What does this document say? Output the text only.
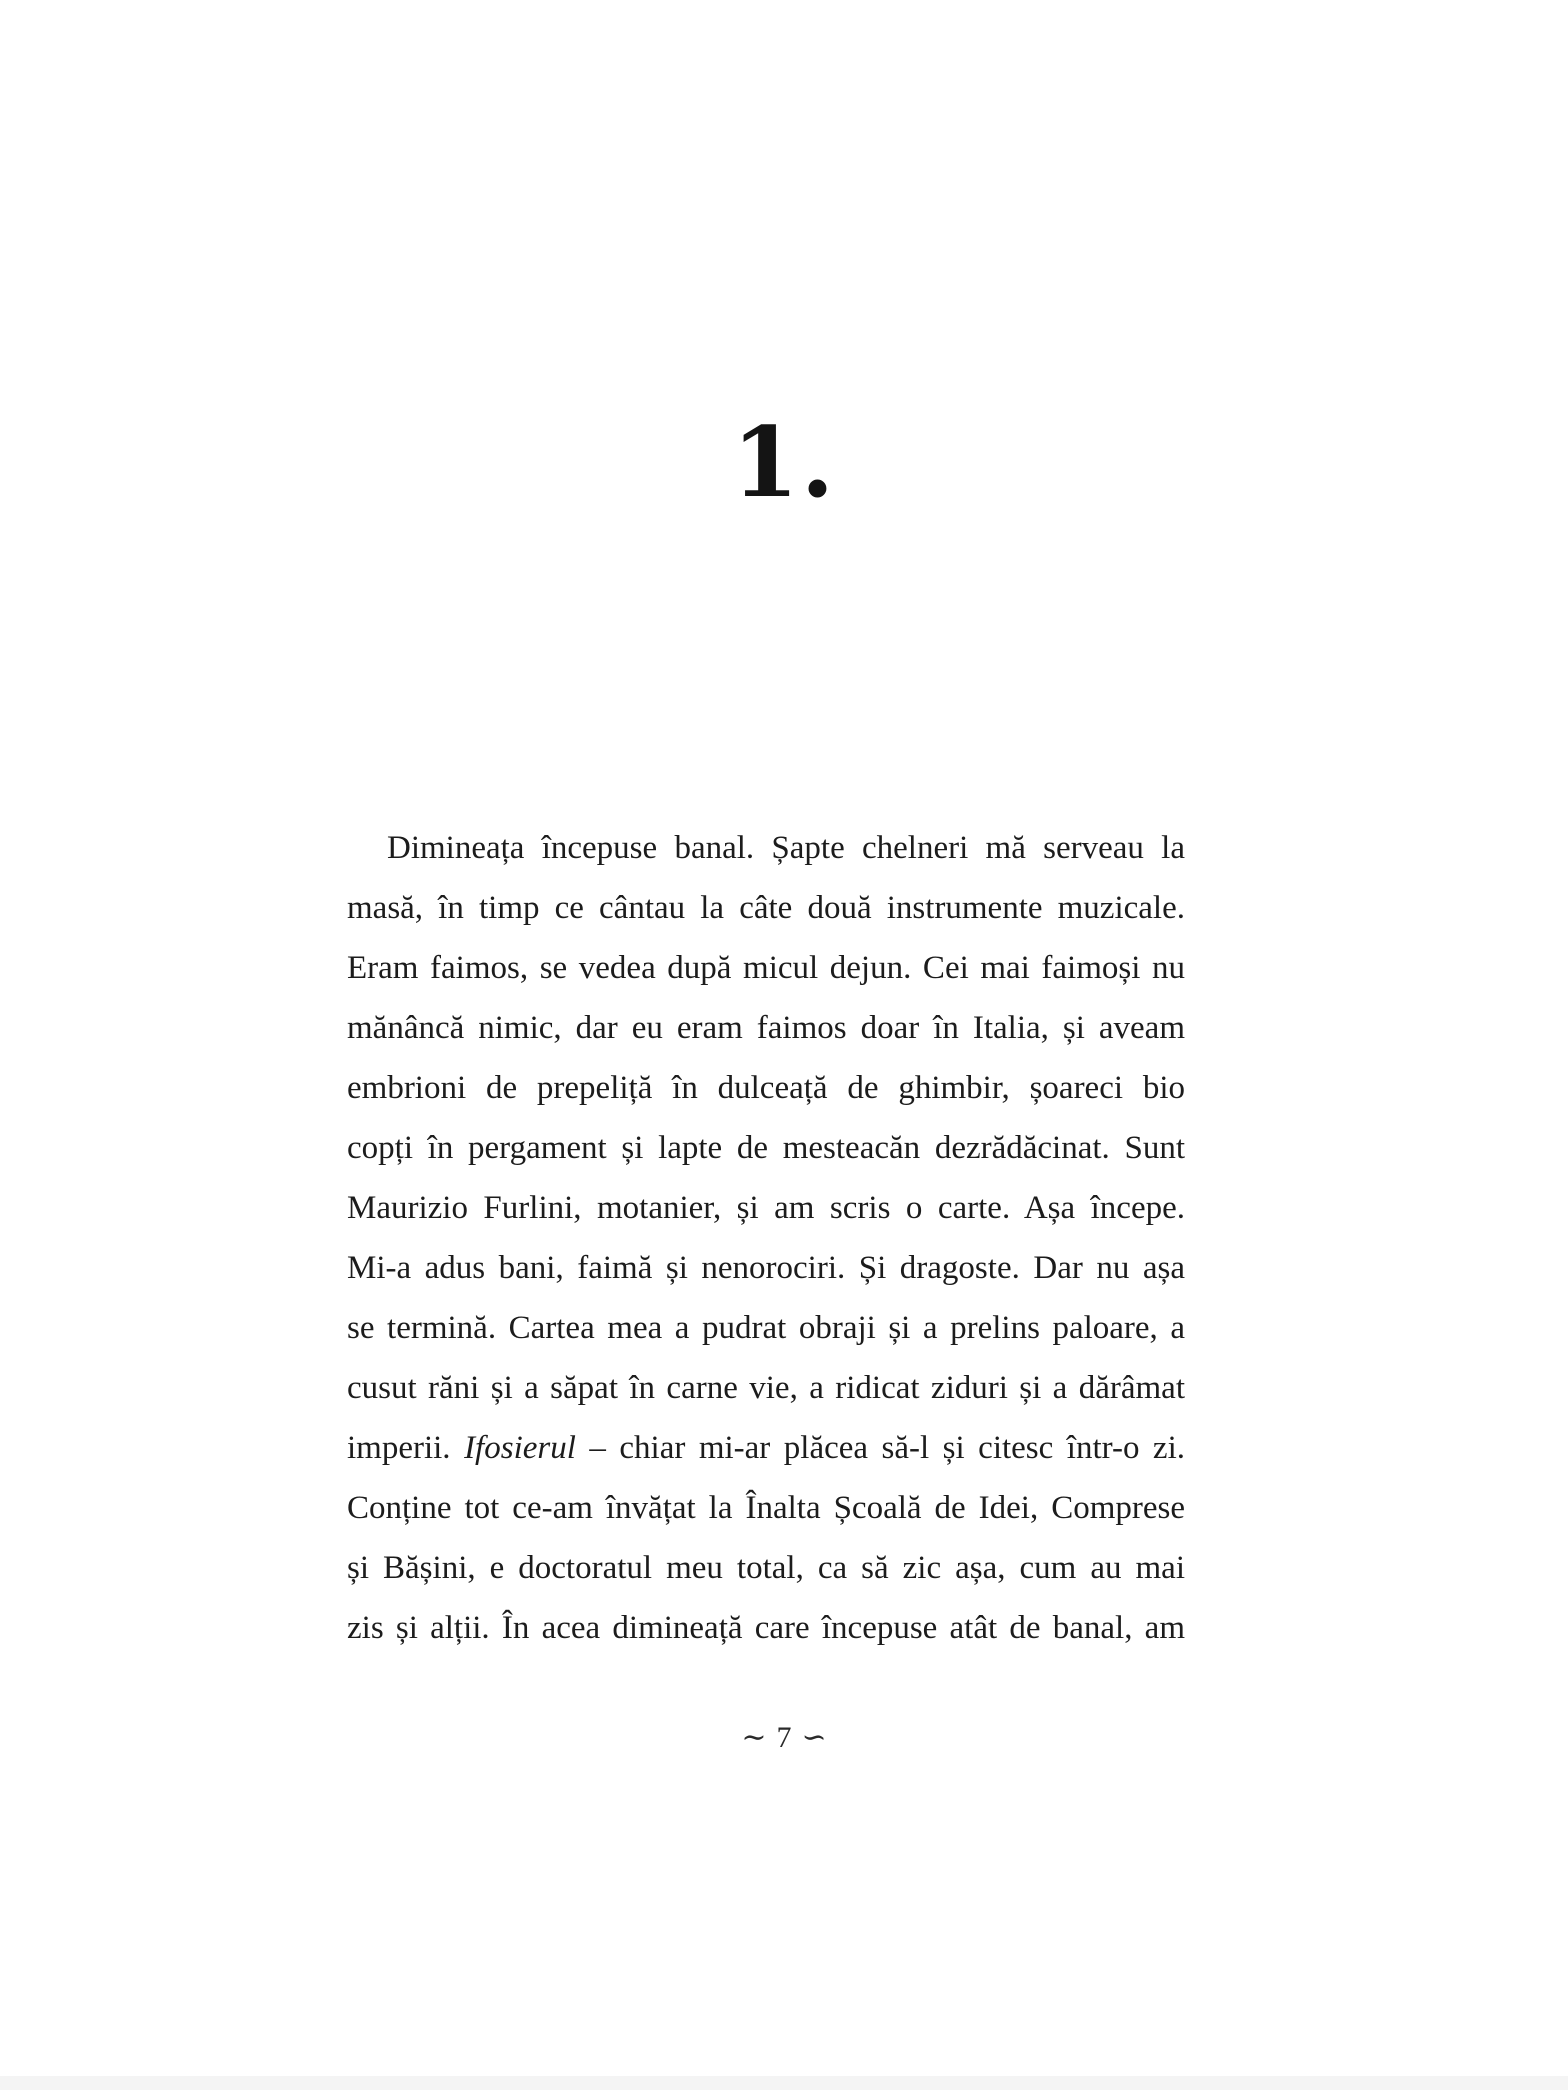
1.
Dimineața începuse banal. Șapte chelneri mă serveau la
masă, în timp ce cântau la câte două instrumente muzicale.
Eram faimos, se vedea după micul dejun. Cei mai faimoși nu
mănâncă nimic, dar eu eram faimos doar în Italia, și aveam
embrioni de prepeliță în dulceață de ghimbir, șoareci bio
copți în pergament și lapte de mesteacăn dezrădăcinat. Sunt
Maurizio Furlini, motanier, și am scris o carte. Așa începe.
Mi-a adus bani, faimă și nenorociri. Și dragoste. Dar nu așa
se termină. Cartea mea a pudrat obraji și a prelins paloare, a
cusut răni și a săpat în carne vie, a ridicat ziduri și a dărâmat
imperii. Ifosierul – chiar mi-ar plăcea să-l și citesc într-o zi.
Conține tot ce-am învățat la Înalta Școală de Idei, Comprese
și Bășini, e doctoratul meu total, ca să zic așa, cum au mai
zis și alții. În acea dimineață care începuse atât de banal, am
∼ 7 ∽
